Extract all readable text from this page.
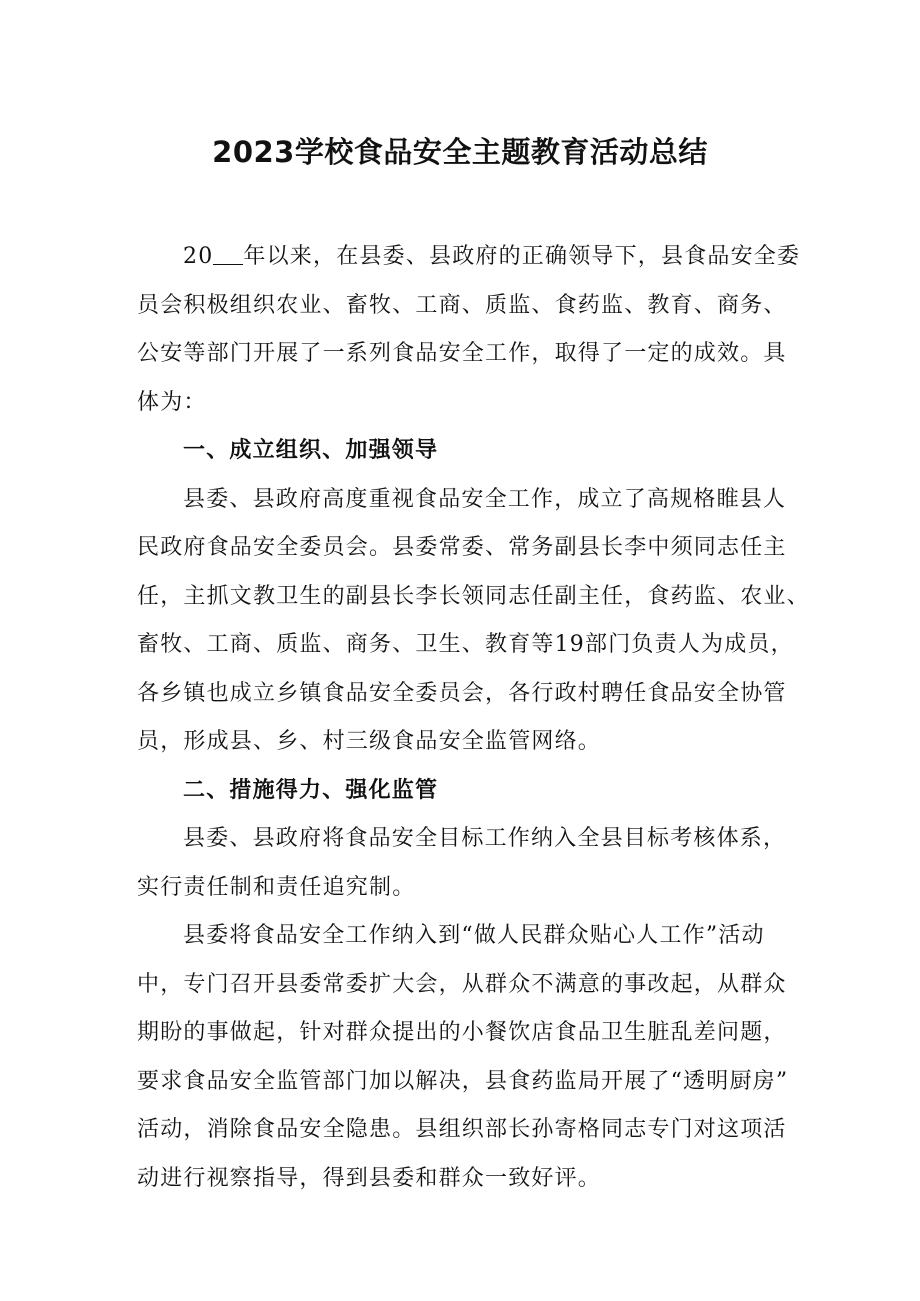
2023学校食品安全主题教育活动总结
20 年以来，在县委、县政府的正确领导下，县食品安全委
员会积极组织农业、畜牧、工商、质监、食药监、教育、商务、
公安等部门开展了一系列食品安全工作，取得了一定的成效。具
体为：
一、成立组织、加强领导
县委、县政府高度重视食品安全工作，成立了高规格睢县人
民政府食品安全委员会。县委常委、常务副县长李中须同志任主
任，主抓文教卫生的副县长李长领同志任副主任，食药监、农业、
畜牧、工商、质监、商务、卫生、教育等19部门负责人为成员，
各乡镇也成立乡镇食品安全委员会，各行政村聘任食品安全协管
员，形成县、乡、村三级食品安全监管网络。
二、措施得力、强化监管
县委、县政府将食品安全目标工作纳入全县目标考核体系，
实行责任制和责任追究制。
县委将食品安全工作纳入到“做人民群众贴心人工作”活动
中，专门召开县委常委扩大会，从群众不满意的事改起，从群众
期盼的事做起，针对群众提出的小餐饮店食品卫生脏乱差问题，
要求食品安全监管部门加以解决，县食药监局开展了“透明厨房”
活动，消除食品安全隐患。县组织部长孙寄格同志专门对这项活
动进行视察指导，得到县委和群众一致好评。
